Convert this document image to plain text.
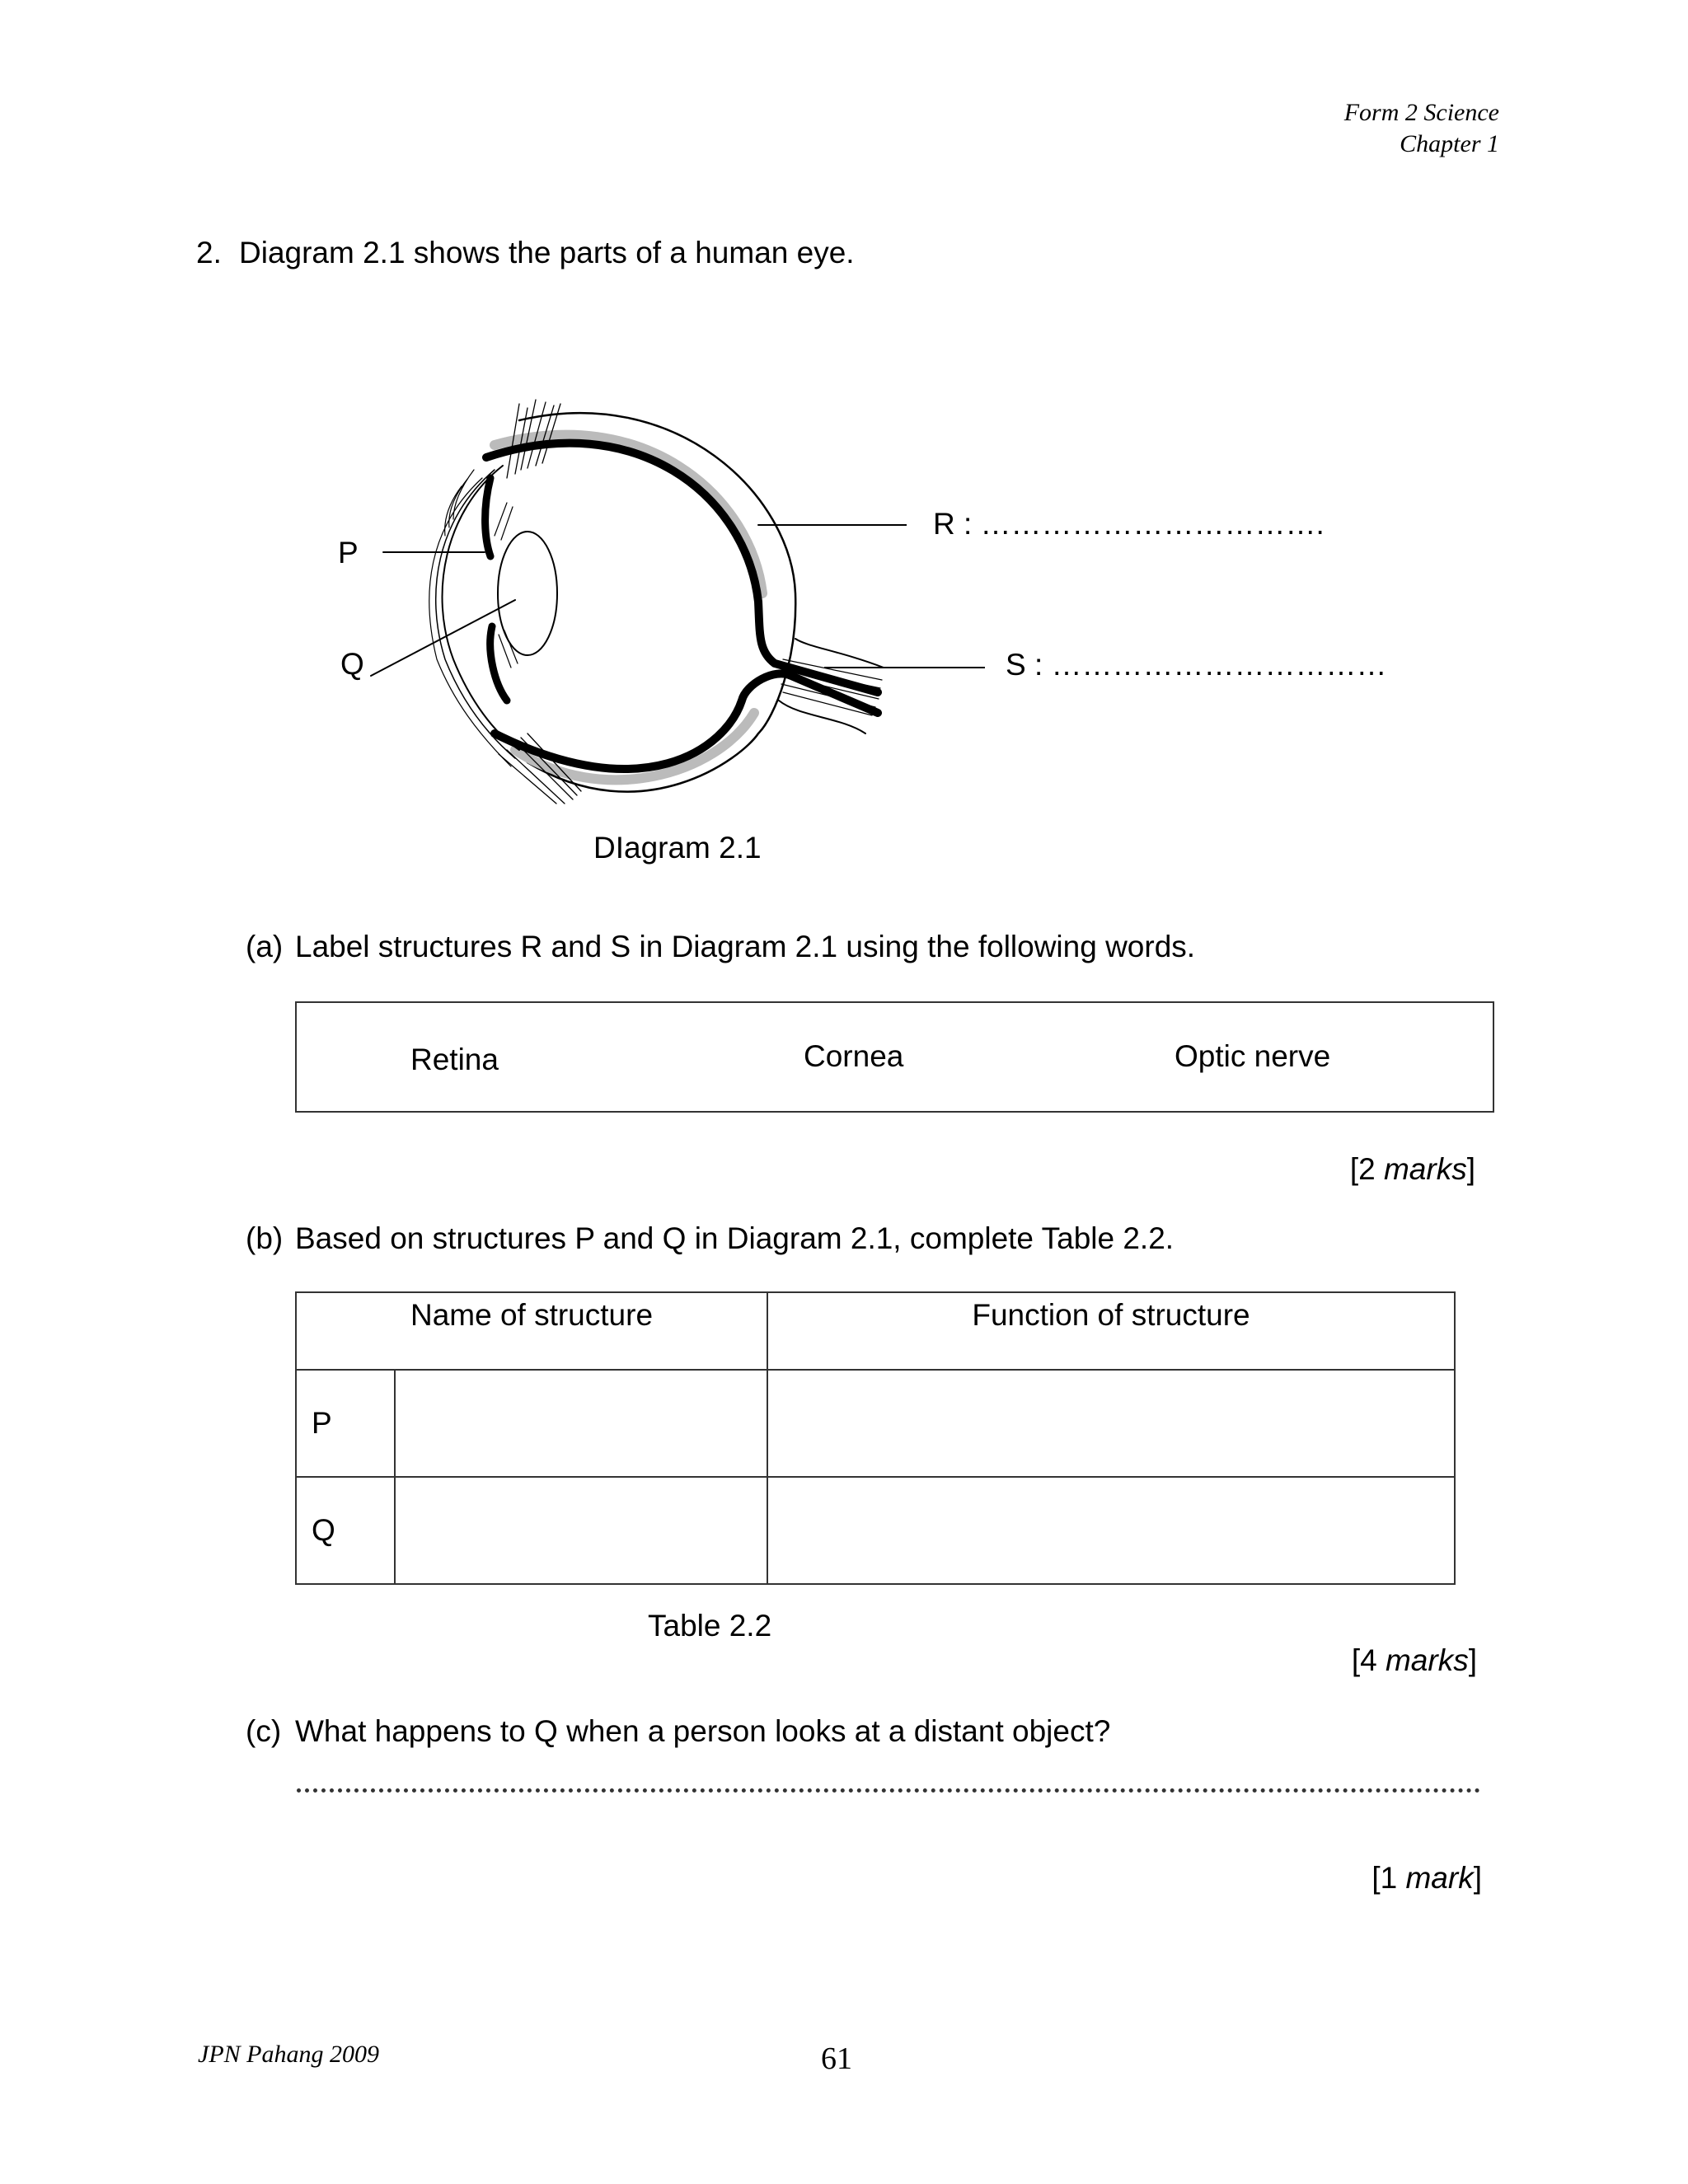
Form 2 Science
Chapter 1
2. Diagram 2.1 shows the parts of a human eye.
P
Q
R : …………………………….
S : ……………………………
DIagram 2.1
(a) Label structures R and S in Diagram 2.1 using the following words.
Retina	Cornea	Optic nerve
[2 marks]
(b) Based on structures P and Q in Diagram 2.1, complete Table 2.2.
Name of structure		Function of structure
P		
Q		
Table 2.2
[4 marks]
(c) What happens to Q when a person looks at a distant object?
[1 mark]
JPN Pahang 2009	61
